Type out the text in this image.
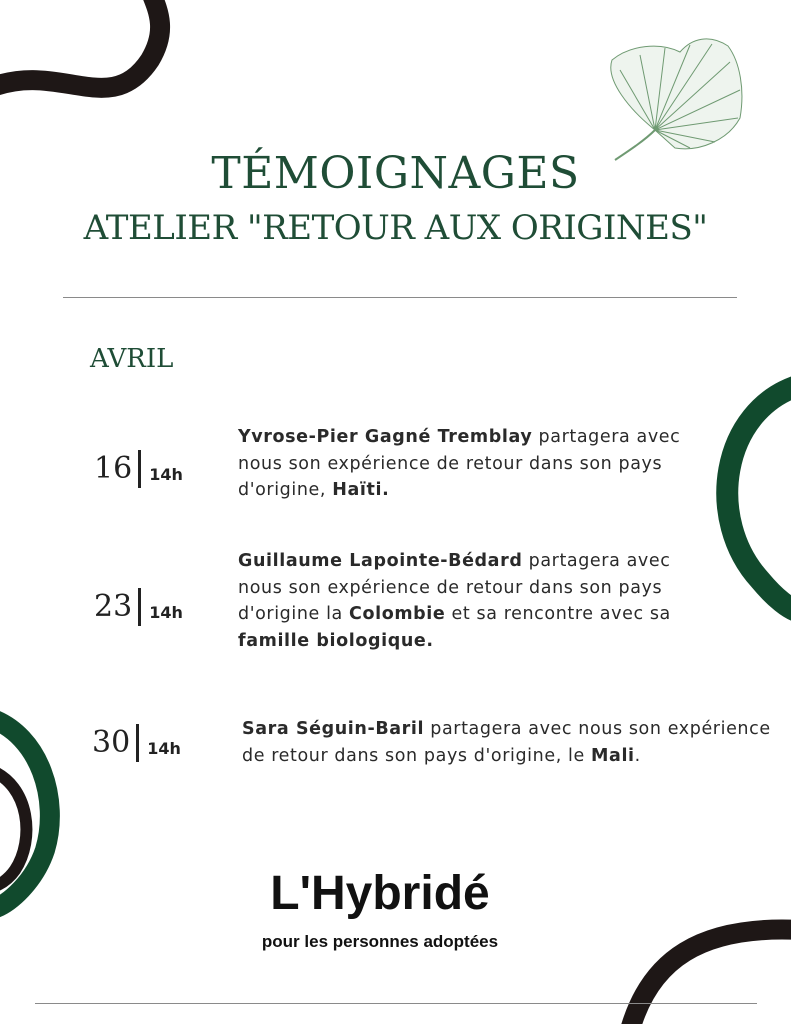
TÉMOIGNAGES
ATELIER "RETOUR AUX ORIGINES"
AVRIL
16 14h

Yvrose-Pier Gagné Tremblay partagera avec nous son expérience de retour dans son pays d'origine, Haïti.

23 14h

Guillaume Lapointe-Bédard partagera avec nous son expérience de retour dans son pays d'origine la Colombie et sa rencontre avec sa famille biologique.

30 14h

Sara Séguin-Baril partagera avec nous son expérience de retour dans son pays d'origine, le Mali.

L'Hybridé

pour les personnes adoptées
